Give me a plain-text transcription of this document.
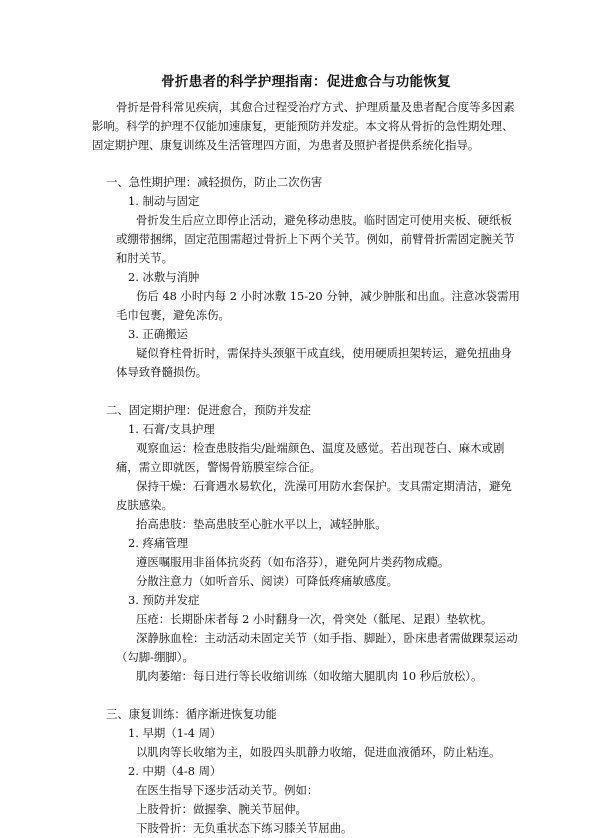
骨折患者的科学护理指南：促进愈合与功能恢复

骨折是骨科常见疾病，其愈合过程受治疗方式、护理质量及患者配合度等多因素影响。科学的护理不仅能加速康复，更能预防并发症。本文将从骨折的急性期处理、固定期护理、康复训练及生活管理四方面，为患者及照护者提供系统化指导。

一、急性期护理：减轻损伤，防止二次伤害
1. 制动与固定
骨折发生后应立即停止活动，避免移动患肢。临时固定可使用夹板、硬纸板或绷带捆绑，固定范围需超过骨折上下两个关节。例如，前臂骨折需固定腕关节和肘关节。
2. 冰敷与消肿
伤后 48 小时内每 2 小时冰敷 15-20 分钟，减少肿胀和出血。注意冰袋需用毛巾包裹，避免冻伤。
3. 正确搬运
疑似脊柱骨折时，需保持头颈躯干成直线，使用硬质担架转运，避免扭曲身体导致脊髓损伤。
二、固定期护理：促进愈合，预防并发症
1. 石膏/支具护理
观察血运：检查患肢指尖/趾端颜色、温度及感觉。若出现苍白、麻木或剧痛，需立即就医，警惕骨筋膜室综合征。
保持干燥：石膏遇水易软化，洗澡可用防水套保护。支具需定期清洁，避免皮肤感染。
抬高患肢：垫高患肢至心脏水平以上，减轻肿胀。
2. 疼痛管理
遵医嘱服用非甾体抗炎药（如布洛芬），避免阿片类药物成瘾。
分散注意力（如听音乐、阅读）可降低疼痛敏感度。
3. 预防并发症
压疮：长期卧床者每 2 小时翻身一次，骨突处（骶尾、足跟）垫软枕。
深静脉血栓：主动活动未固定关节（如手指、脚趾），卧床患者需做踝泵运动（勾脚-绷脚）。
肌肉萎缩：每日进行等长收缩训练（如收缩大腿肌肉 10 秒后放松）。
三、康复训练：循序渐进恢复功能
1. 早期（1-4 周）
以肌肉等长收缩为主，如股四头肌静力收缩，促进血液循环，防止粘连。
2. 中期（4-8 周）
在医生指导下逐步活动关节。例如：
上肢骨折：做握拳、腕关节屈伸。
下肢骨折：无负重状态下练习膝关节屈曲。
